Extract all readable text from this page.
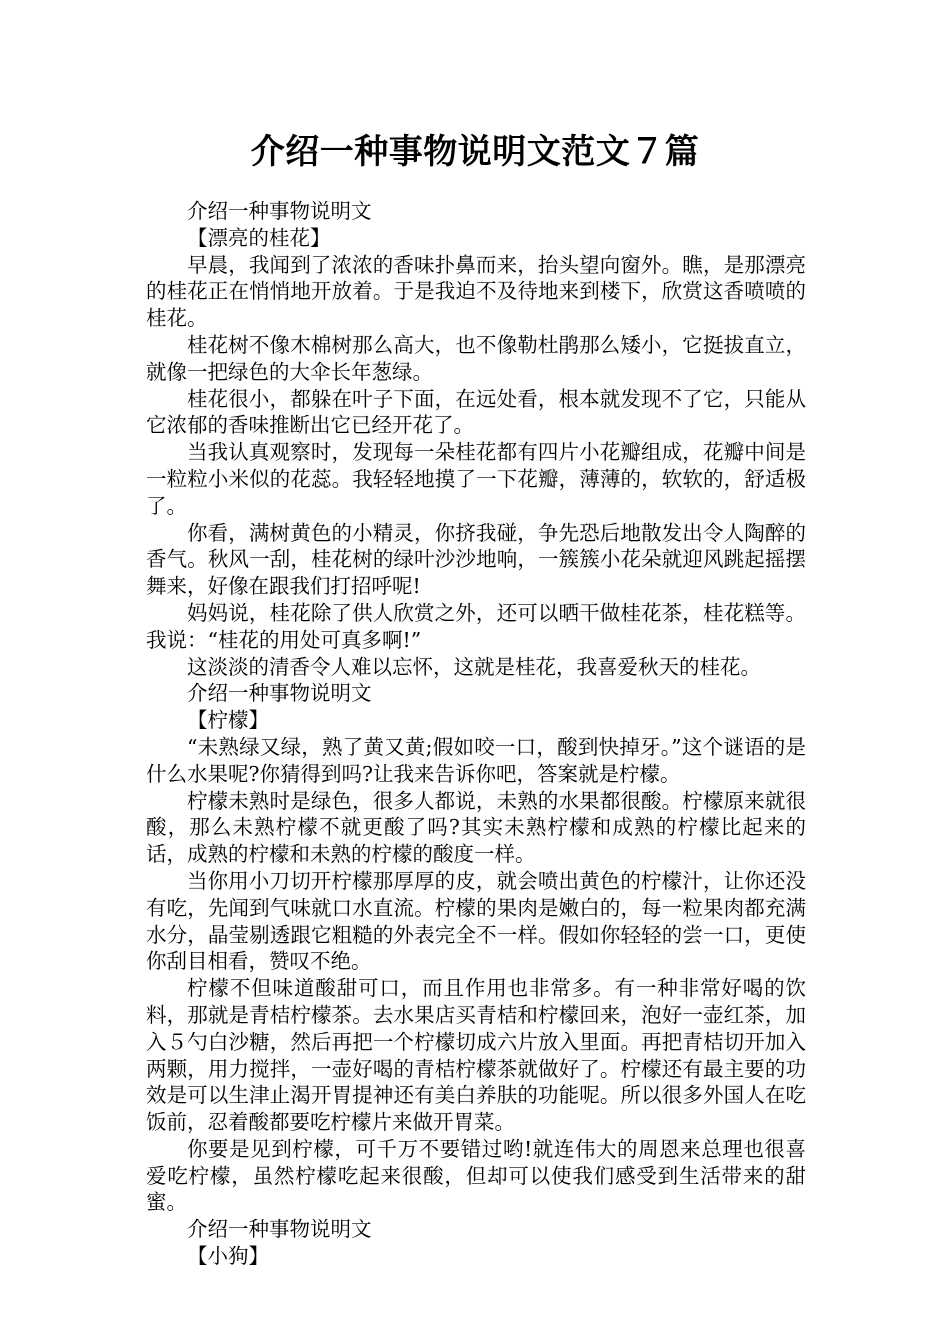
介绍一种事物说明文范文７篇

介绍一种事物说明文

【漂亮的桂花】

早晨，我闻到了浓浓的香味扑鼻而来，抬头望向窗外。瞧，是那漂亮的桂花正在悄悄地开放着。于是我迫不及待地来到楼下，欣赏这香喷喷的桂花。

桂花树不像木棉树那么高大，也不像勒杜鹃那么矮小，它挺拔直立，就像一把绿色的大伞长年葱绿。

桂花很小，都躲在叶子下面，在远处看，根本就发现不了它，只能从它浓郁的香味推断出它已经开花了。

当我认真观察时，发现每一朵桂花都有四片小花瓣组成，花瓣中间是一粒粒小米似的花蕊。我轻轻地摸了一下花瓣，薄薄的，软软的，舒适极了。

你看，满树黄色的小精灵，你挤我碰，争先恐后地散发出令人陶醉的香气。秋风一刮，桂花树的绿叶沙沙地响，一簇簇小花朵就迎风跳起摇摆舞来，好像在跟我们打招呼呢!

妈妈说，桂花除了供人欣赏之外，还可以晒干做桂花茶，桂花糕等。我说：“桂花的用处可真多啊!”

这淡淡的清香令人难以忘怀，这就是桂花，我喜爱秋天的桂花。

介绍一种事物说明文

【柠檬】

“未熟绿又绿，熟了黄又黄;假如咬一口，酸到快掉牙。”这个谜语的是什么水果呢?你猜得到吗?让我来告诉你吧，答案就是柠檬。

柠檬未熟时是绿色，很多人都说，未熟的水果都很酸。柠檬原来就很酸，那么未熟柠檬不就更酸了吗?其实未熟柠檬和成熟的柠檬比起来的话，成熟的柠檬和未熟的柠檬的酸度一样。

当你用小刀切开柠檬那厚厚的皮，就会喷出黄色的柠檬汁，让你还没有吃，先闻到气味就口水直流。柠檬的果肉是嫩白的，每一粒果肉都充满水分，晶莹剔透跟它粗糙的外表完全不一样。假如你轻轻的尝一口，更使你刮目相看，赞叹不绝。

柠檬不但味道酸甜可口，而且作用也非常多。有一种非常好喝的饮料，那就是青桔柠檬茶。去水果店买青桔和柠檬回来，泡好一壶红茶，加入５勺白沙糖，然后再把一个柠檬切成六片放入里面。再把青桔切开加入两颗，用力搅拌，一壶好喝的青桔柠檬茶就做好了。柠檬还有最主要的功效是可以生津止渴开胃提神还有美白养肤的功能呢。所以很多外国人在吃饭前，忍着酸都要吃柠檬片来做开胃菜。

你要是见到柠檬，可千万不要错过哟!就连伟大的周恩来总理也很喜爱吃柠檬，虽然柠檬吃起来很酸，但却可以使我们感受到生活带来的甜蜜。

介绍一种事物说明文

【小狗】
